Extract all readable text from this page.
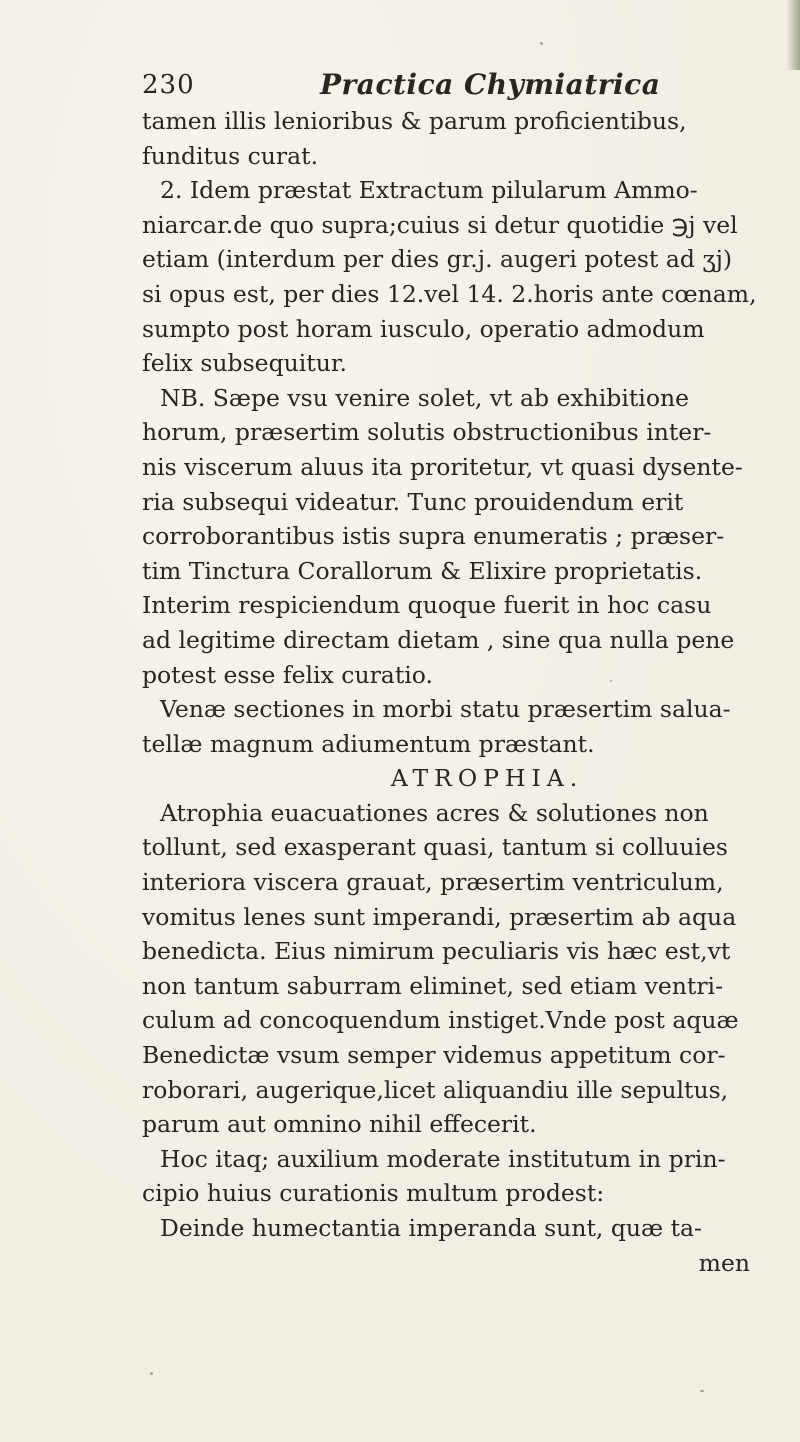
230	Practica Chymiatrica
tamen illis lenioribus & parum proficientibus,
funditus curat.
2. Idem præstat Extractum pilularum Ammo-
niarcar.de quo supra;cuius si detur quotidie ℈j vel
etiam (interdum per dies gr.j. augeri potest ad ʒj)
si opus est, per dies 12.vel 14. 2.horis ante cœnam,
sumpto post horam iusculo, operatio admodum
felix subsequitur.
NB. Sæpe vsu venire solet, vt ab exhibitione
horum, præsertim solutis obstructionibus inter-
nis viscerum aluus ita proritetur, vt quasi dysente-
ria subsequi videatur. Tunc prouidendum erit
corroborantibus istis supra enumeratis ; præser-
tim Tinctura Corallorum & Elixire proprietatis.
Interim respiciendum quoque fuerit in hoc casu
ad legitime directam dietam , sine qua nulla pene
potest esse felix curatio.
Venæ sectiones in morbi statu præsertim salua-
tellæ magnum adiumentum præstant.
ATROPHIA.
Atrophia euacuationes acres & solutiones non
tollunt, sed exasperant quasi, tantum si colluuies
interiora viscera grauat, præsertim ventriculum,
vomitus lenes sunt imperandi, præsertim ab aqua
benedicta. Eius nimirum peculiaris vis hæc est,vt
non tantum saburram eliminet, sed etiam ventri-
culum ad concoquendum instiget.Vnde post aquæ
Benedictæ vsum semper videmus appetitum cor-
roborari, augerique,licet aliquandiu ille sepultus,
parum aut omnino nihil effecerit.
Hoc itaq; auxilium moderate institutum in prin-
cipio huius curationis multum prodest:
Deinde humectantia imperanda sunt, quæ ta-
men
